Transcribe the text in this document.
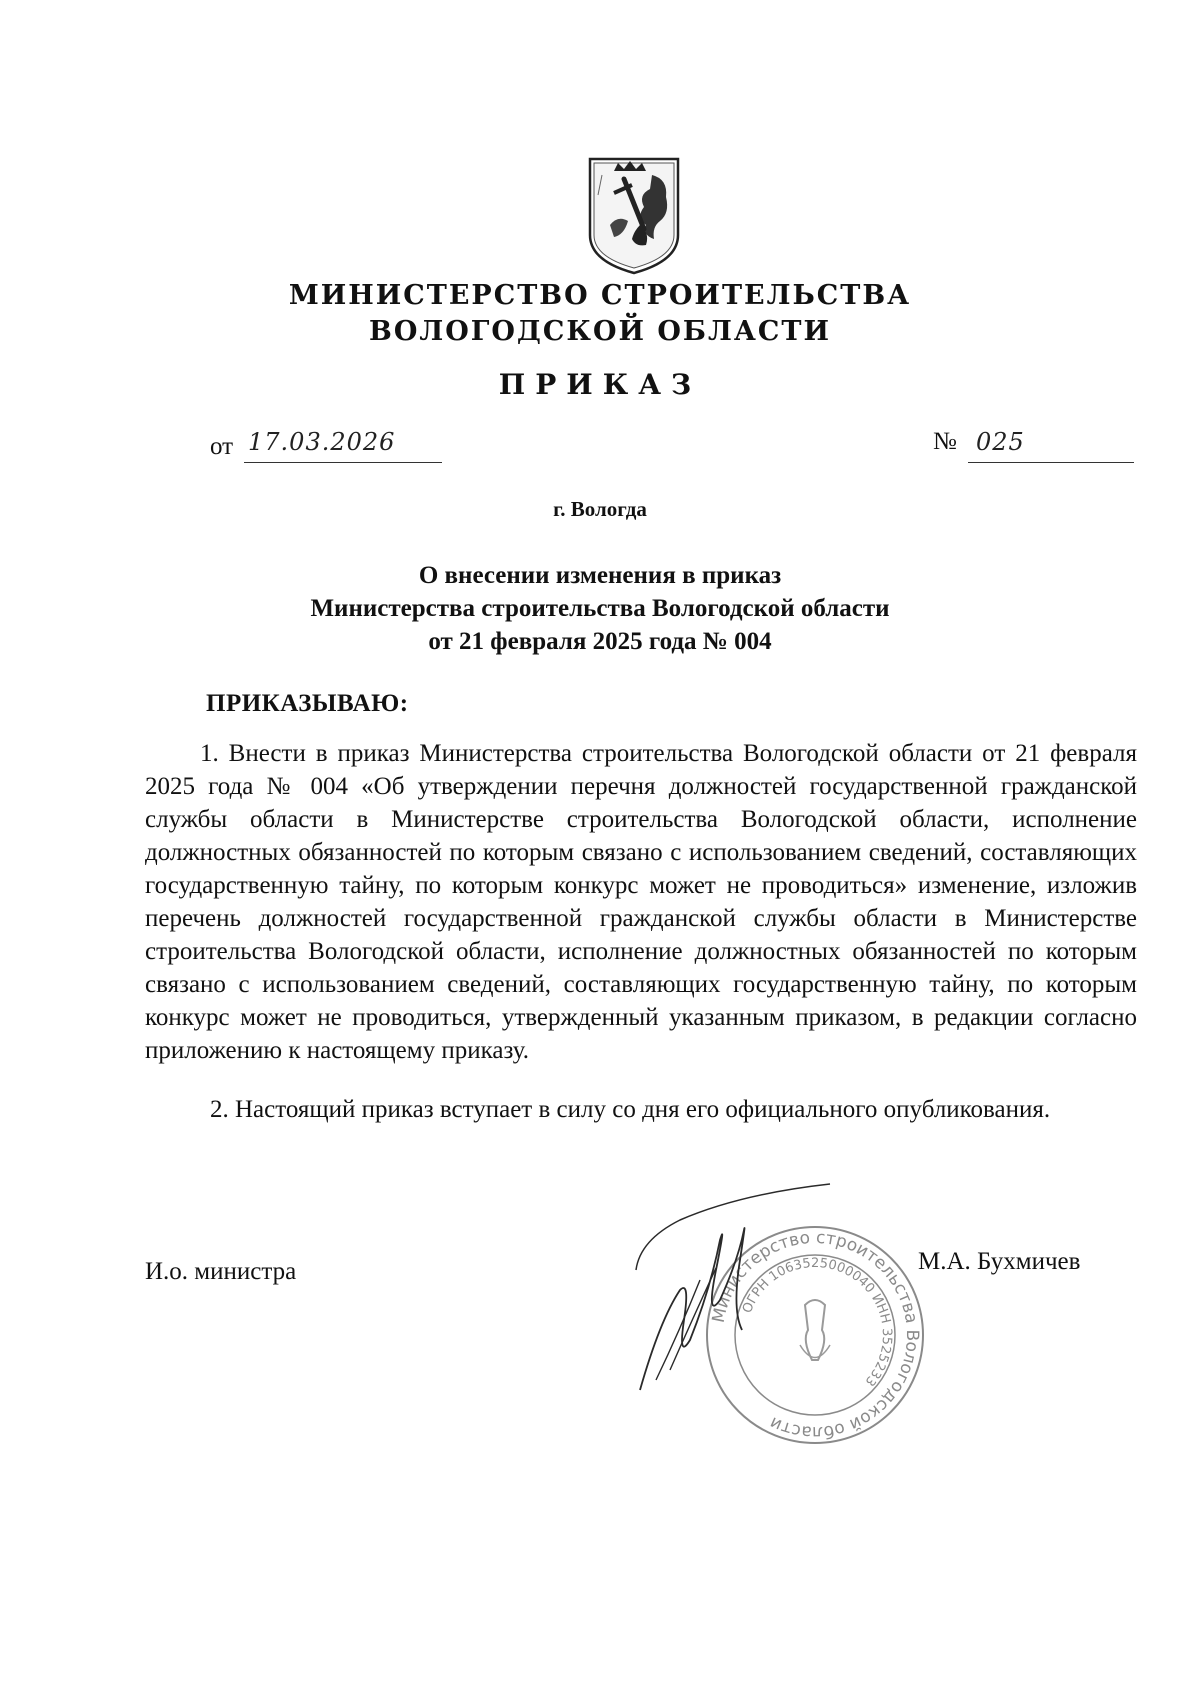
МИНИСТЕРСТВО СТРОИТЕЛЬСТВА
ВОЛОГОДСКОЙ ОБЛАСТИ
ПРИКАЗ
от 17.03.2026	№ 025
г. Вологда
О внесении изменения в приказ
Министерства строительства Вологодской области
от 21 февраля 2025 года № 004
ПРИКАЗЫВАЮ:
1. Внести в приказ Министерства строительства Вологодской области от 21 февраля 2025 года № 004 «Об утверждении перечня должностей государственной гражданской службы области в Министерстве строительства Вологодской области, исполнение должностных обязанностей по которым связано с использованием сведений, составляющих государственную тайну, по которым конкурс может не проводиться» изменение, изложив перечень должностей государственной гражданской службы области в Министерстве строительства Вологодской области, исполнение должностных обязанностей по которым связано с использованием сведений, составляющих государственную тайну, по которым конкурс может не проводиться, утвержденный указанным приказом, в редакции согласно приложению к настоящему приказу.
2. Настоящий приказ вступает в силу со дня его официального опубликования.
И.о. министра	М.А. Бухмичев
Министерство строительства Вологодской области
ОГРН 1063525000040 ИНН 3525233
